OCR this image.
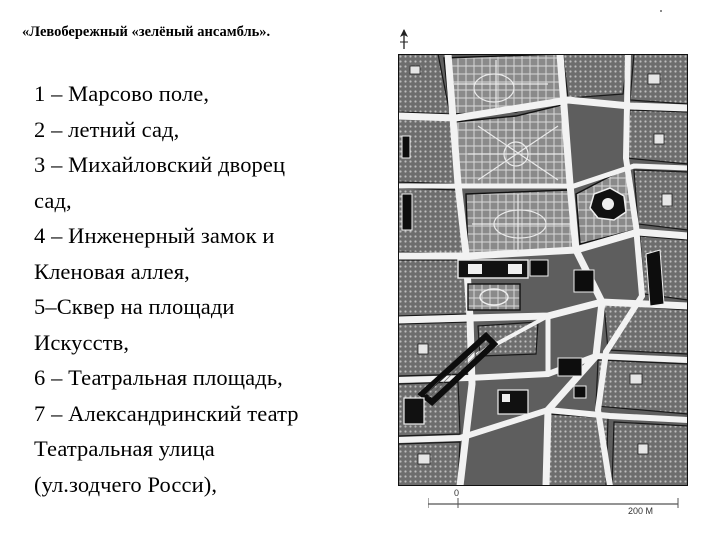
«Левобережный «зелёный ансамбль».
1 – Марсово поле,
2 – летний сад,
3 – Михайловский дворец
сад,
4 – Инженерный замок и
Кленовая аллея,
5–Сквер на площади
Искусств,
6 – Театральная площадь,
7 – Александринский театр
Театральная улица
(ул.зодчего Росси),	0
200 М
